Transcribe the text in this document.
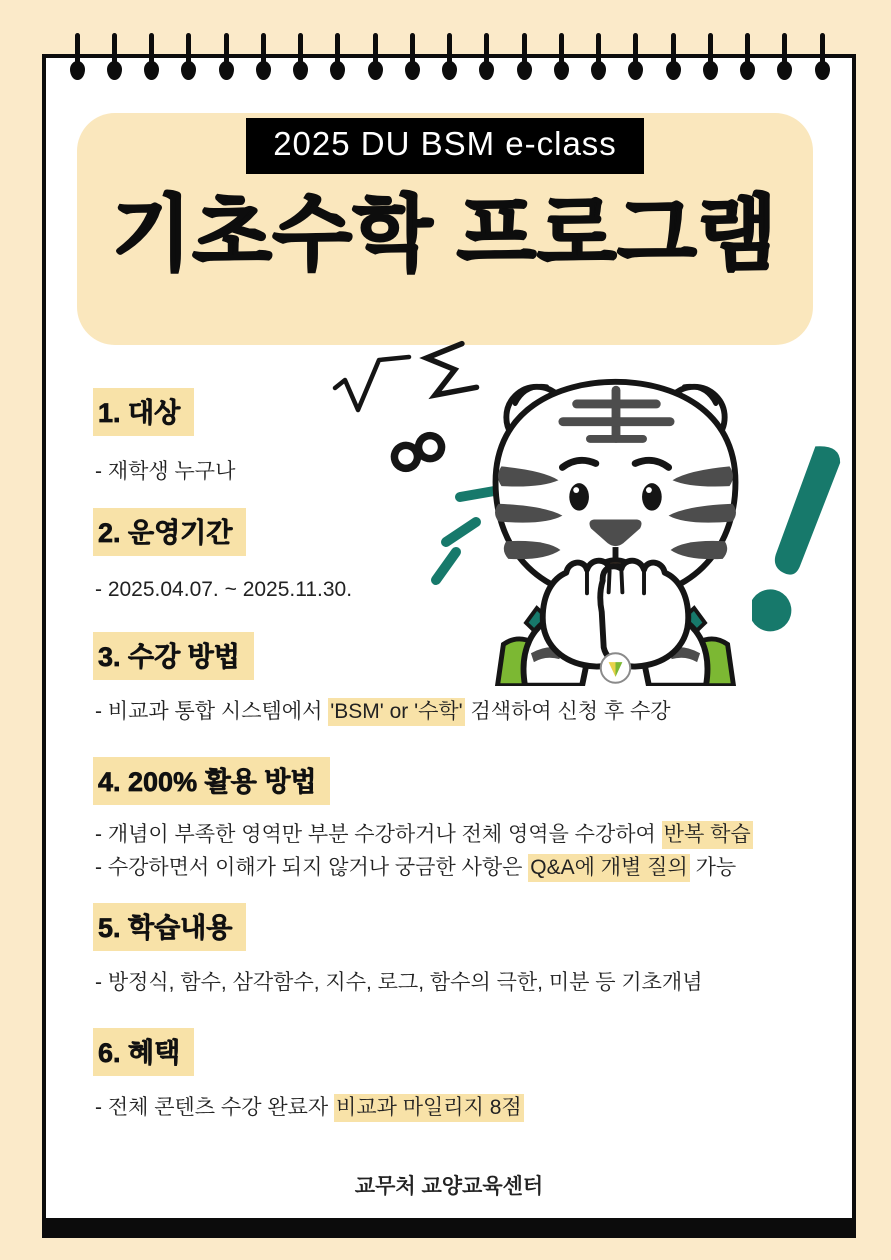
2025 DU BSM e-class
기초수학 프로그램
1. 대상
- 재학생 누구나
2. 운영기간
- 2025.04.07. ~ 2025.11.30.
3. 수강 방법
- 비교과 통합 시스템에서 'BSM' or '수학' 검색하여 신청 후 수강
4. 200% 활용 방법
- 개념이 부족한 영역만 부분 수강하거나 전체 영역을 수강하여 반복 학습
- 수강하면서 이해가 되지 않거나 궁금한 사항은 Q&A에 개별 질의 가능
5. 학습내용
- 방정식, 함수, 삼각함수, 지수, 로그, 함수의 극한, 미분 등 기초개념
6. 혜택
- 전체 콘텐츠 수강 완료자 비교과 마일리지 8점
교무처 교양교육센터
